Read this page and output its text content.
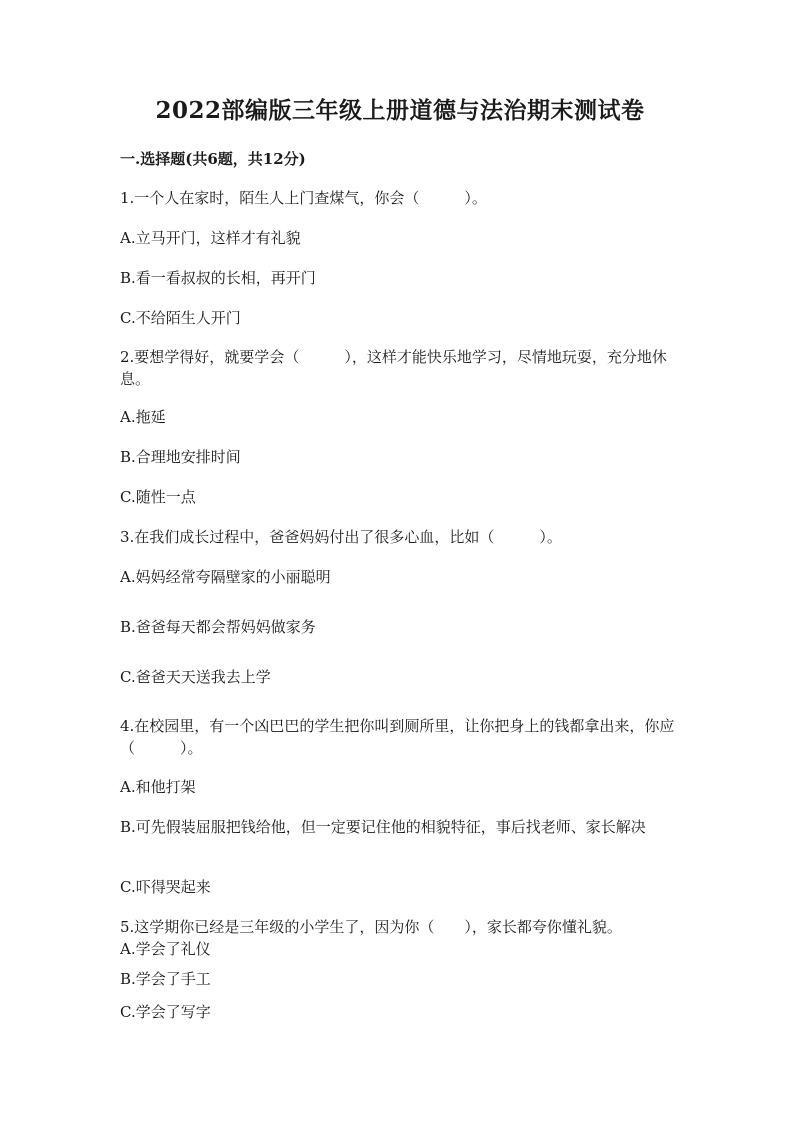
2022部编版三年级上册道德与法治期末测试卷
一.选择题(共6题，共12分)
1.一个人在家时，陌生人上门查煤气，你会（　　　）。
A.立马开门，这样才有礼貌
B.看一看叔叔的长相，再开门
C.不给陌生人开门
2.要想学得好，就要学会（　　　），这样才能快乐地学习，尽情地玩耍，充分地休息。
A.拖延
B.合理地安排时间
C.随性一点
3.在我们成长过程中，爸爸妈妈付出了很多心血，比如（　　　）。
A.妈妈经常夸隔壁家的小丽聪明
B.爸爸每天都会帮妈妈做家务
C.爸爸天天送我去上学
4.在校园里，有一个凶巴巴的学生把你叫到厕所里，让你把身上的钱都拿出来，你应（　　　）。
A.和他打架
B.可先假装屈服把钱给他，但一定要记住他的相貌特征，事后找老师、家长解决
C.吓得哭起来
5.这学期你已经是三年级的小学生了，因为你（　　），家长都夸你懂礼貌。
A.学会了礼仪
B.学会了手工
C.学会了写字
